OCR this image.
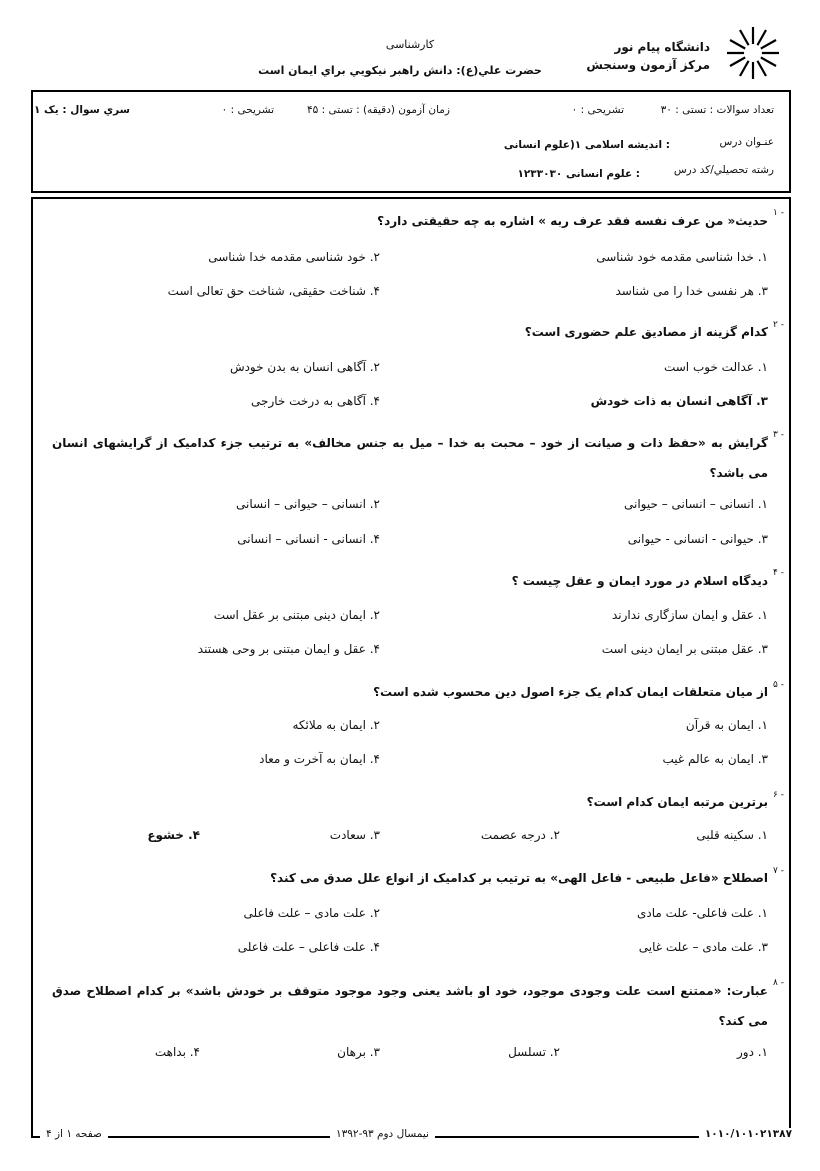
دانشگاه پیام نور
مرکز آزمون وسنجش
کارشناسی
حضرت علي(ع): دانش راهبر نيکويي براي ايمان است
تعداد سوالات : تستی : ۳۰
تشریحی : ۰
زمان آزمون (دقیقه) : تستی : ۴۵
تشریحی : ۰
سري سوال : یک ۱
عنـوان درس
: اندیشه اسلامی ۱(علوم انسانی
رشته تحصيلي/کد درس
: علوم انسانی ۱۲۳۳۰۳۰
۱ -
حدیث« من عرف نفسه فقد عرف ربه » اشاره به چه حقیقتی دارد؟
۱. خدا شناسی مقدمه خود شناسی
۲. خود شناسی مقدمه خدا شناسی
۳. هر نفسی خدا را می شناسد
۴. شناخت حقیقی، شناخت حق تعالی است
۲ -
کدام گزینه از مصادیق علم حضوری است؟
۱. عدالت خوب است
۲. آگاهی انسان به بدن خودش
۳. آگاهی انسان به ذات خودش
۴. آگاهی به درخت خارجی
۳ -
گرایش به «حفظ ذات و صیانت از خود – محبت به خدا – میل به جنس مخالف» به ترتیب جزء کدامیک از گرایشهای انسان می باشد؟
۱. انسانی – انسانی – حیوانی
۲. انسانی – حیوانی – انسانی
۳. حیوانی - انسانی - حیوانی
۴. انسانی - انسانی – انسانی
۴ -
دیدگاه اسلام در مورد ایمان و عقل چیست ؟
۱. عقل و ایمان سازگاری ندارند
۲. ایمان دینی مبتنی بر عقل است
۳. عقل مبتنی بر ایمان دینی است
۴. عقل و ایمان مبتنی بر وحی هستند
۵ -
از میان متعلقات ایمان کدام یک جزء اصول دین محسوب شده است؟
۱. ایمان به قرآن
۲. ایمان به ملائکه
۳. ایمان به عالم غیب
۴. ایمان به آخرت و معاد
۶ -
برترین مرتبه ایمان کدام است؟
۱. سکینه قلبی
۲. درجه عصمت
۳. سعادت
۴. خشوع
۷ -
اصطلاح «فاعل طبیعی - فاعل الهی» به ترتیب بر کدامیک از انواع علل صدق می کند؟
۱. علت فاعلی- علت مادی
۲. علت مادی – علت فاعلی
۳. علت مادی – علت غایی
۴. علت فاعلی – علت فاعلی
۸ -
عبارت: «ممتنع است علت وجودی موجود، خود او باشد یعنی وجود موجود متوقف بر خودش باشد» بر کدام اصطلاح صدق می کند؟
۱. دور
۲. تسلسل
۳. برهان
۴. بداهت
صفحه ۱ از ۴	نیمسال دوم ۹۳-۱۳۹۲	۱۰۱۰/۱۰۱۰۲۱۳۸۷
